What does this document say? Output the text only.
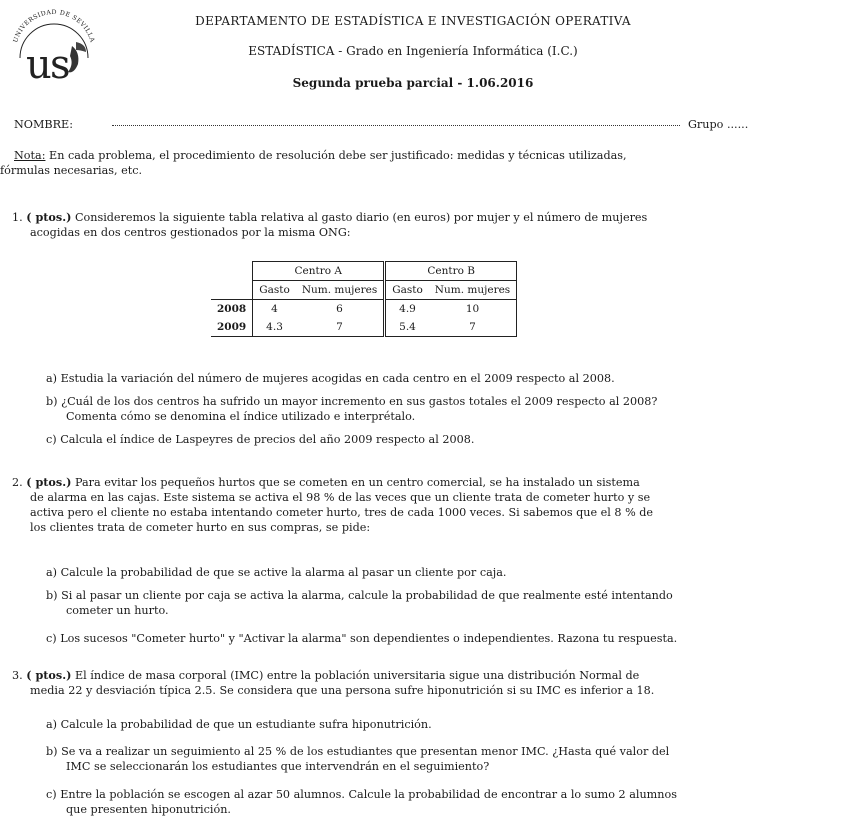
UNIVERSIDAD DE SEVILLA
u
s
DEPARTAMENTO DE ESTADÍSTICA E INVESTIGACIÓN OPERATIVA
ESTADÍSTICA - Grado en Ingeniería Informática (I.C.)
Segunda prueba parcial - 1.06.2016
NOMBRE:	Grupo ......
Nota: En cada problema, el procedimiento de resolución debe ser justificado: medidas y técnicas utilizadas,
fórmulas necesarias, etc.
1. ( ptos.) Consideremos la siguiente tabla relativa al gasto diario (en euros) por mujer y el número de mujeres
acogidas en dos centros gestionados por la misma ONG:
	Centro A		Centro B	
	Gasto	Num. mujeres	Gasto	Num. mujeres
2008	4	6	4.9	10
2009	4.3	7	5.4	7
a) Estudia la variación del número de mujeres acogidas en cada centro en el 2009 respecto al 2008.
b) ¿Cuál de los dos centros ha sufrido un mayor incremento en sus gastos totales el 2009 respecto al 2008?
Comenta cómo se denomina el índice utilizado e interprétalo.
c) Calcula el índice de Laspeyres de precios del año 2009 respecto al 2008.
2. ( ptos.) Para evitar los pequeños hurtos que se cometen en un centro comercial, se ha instalado un sistema
de alarma en las cajas. Este sistema se activa el 98 % de las veces que un cliente trata de cometer hurto y se
activa pero el cliente no estaba intentando cometer hurto, tres de cada 1000 veces. Si sabemos que el 8 % de
los clientes trata de cometer hurto en sus compras, se pide:
a) Calcule la probabilidad de que se active la alarma al pasar un cliente por caja.
b) Si al pasar un cliente por caja se activa la alarma, calcule la probabilidad de que realmente esté intentando
cometer un hurto.
c) Los sucesos "Cometer hurto" y "Activar la alarma" son dependientes o independientes. Razona tu respuesta.
3. ( ptos.) El índice de masa corporal (IMC) entre la población universitaria sigue una distribución Normal de
media 22 y desviación típica 2.5. Se considera que una persona sufre hiponutrición si su IMC es inferior a 18.
a) Calcule la probabilidad de que un estudiante sufra hiponutrición.
b) Se va a realizar un seguimiento al 25 % de los estudiantes que presentan menor IMC. ¿Hasta qué valor del
IMC se seleccionarán los estudiantes que intervendrán en el seguimiento?
c) Entre la población se escogen al azar 50 alumnos. Calcule la probabilidad de encontrar a lo sumo 2 alumnos
que presenten hiponutrición.
